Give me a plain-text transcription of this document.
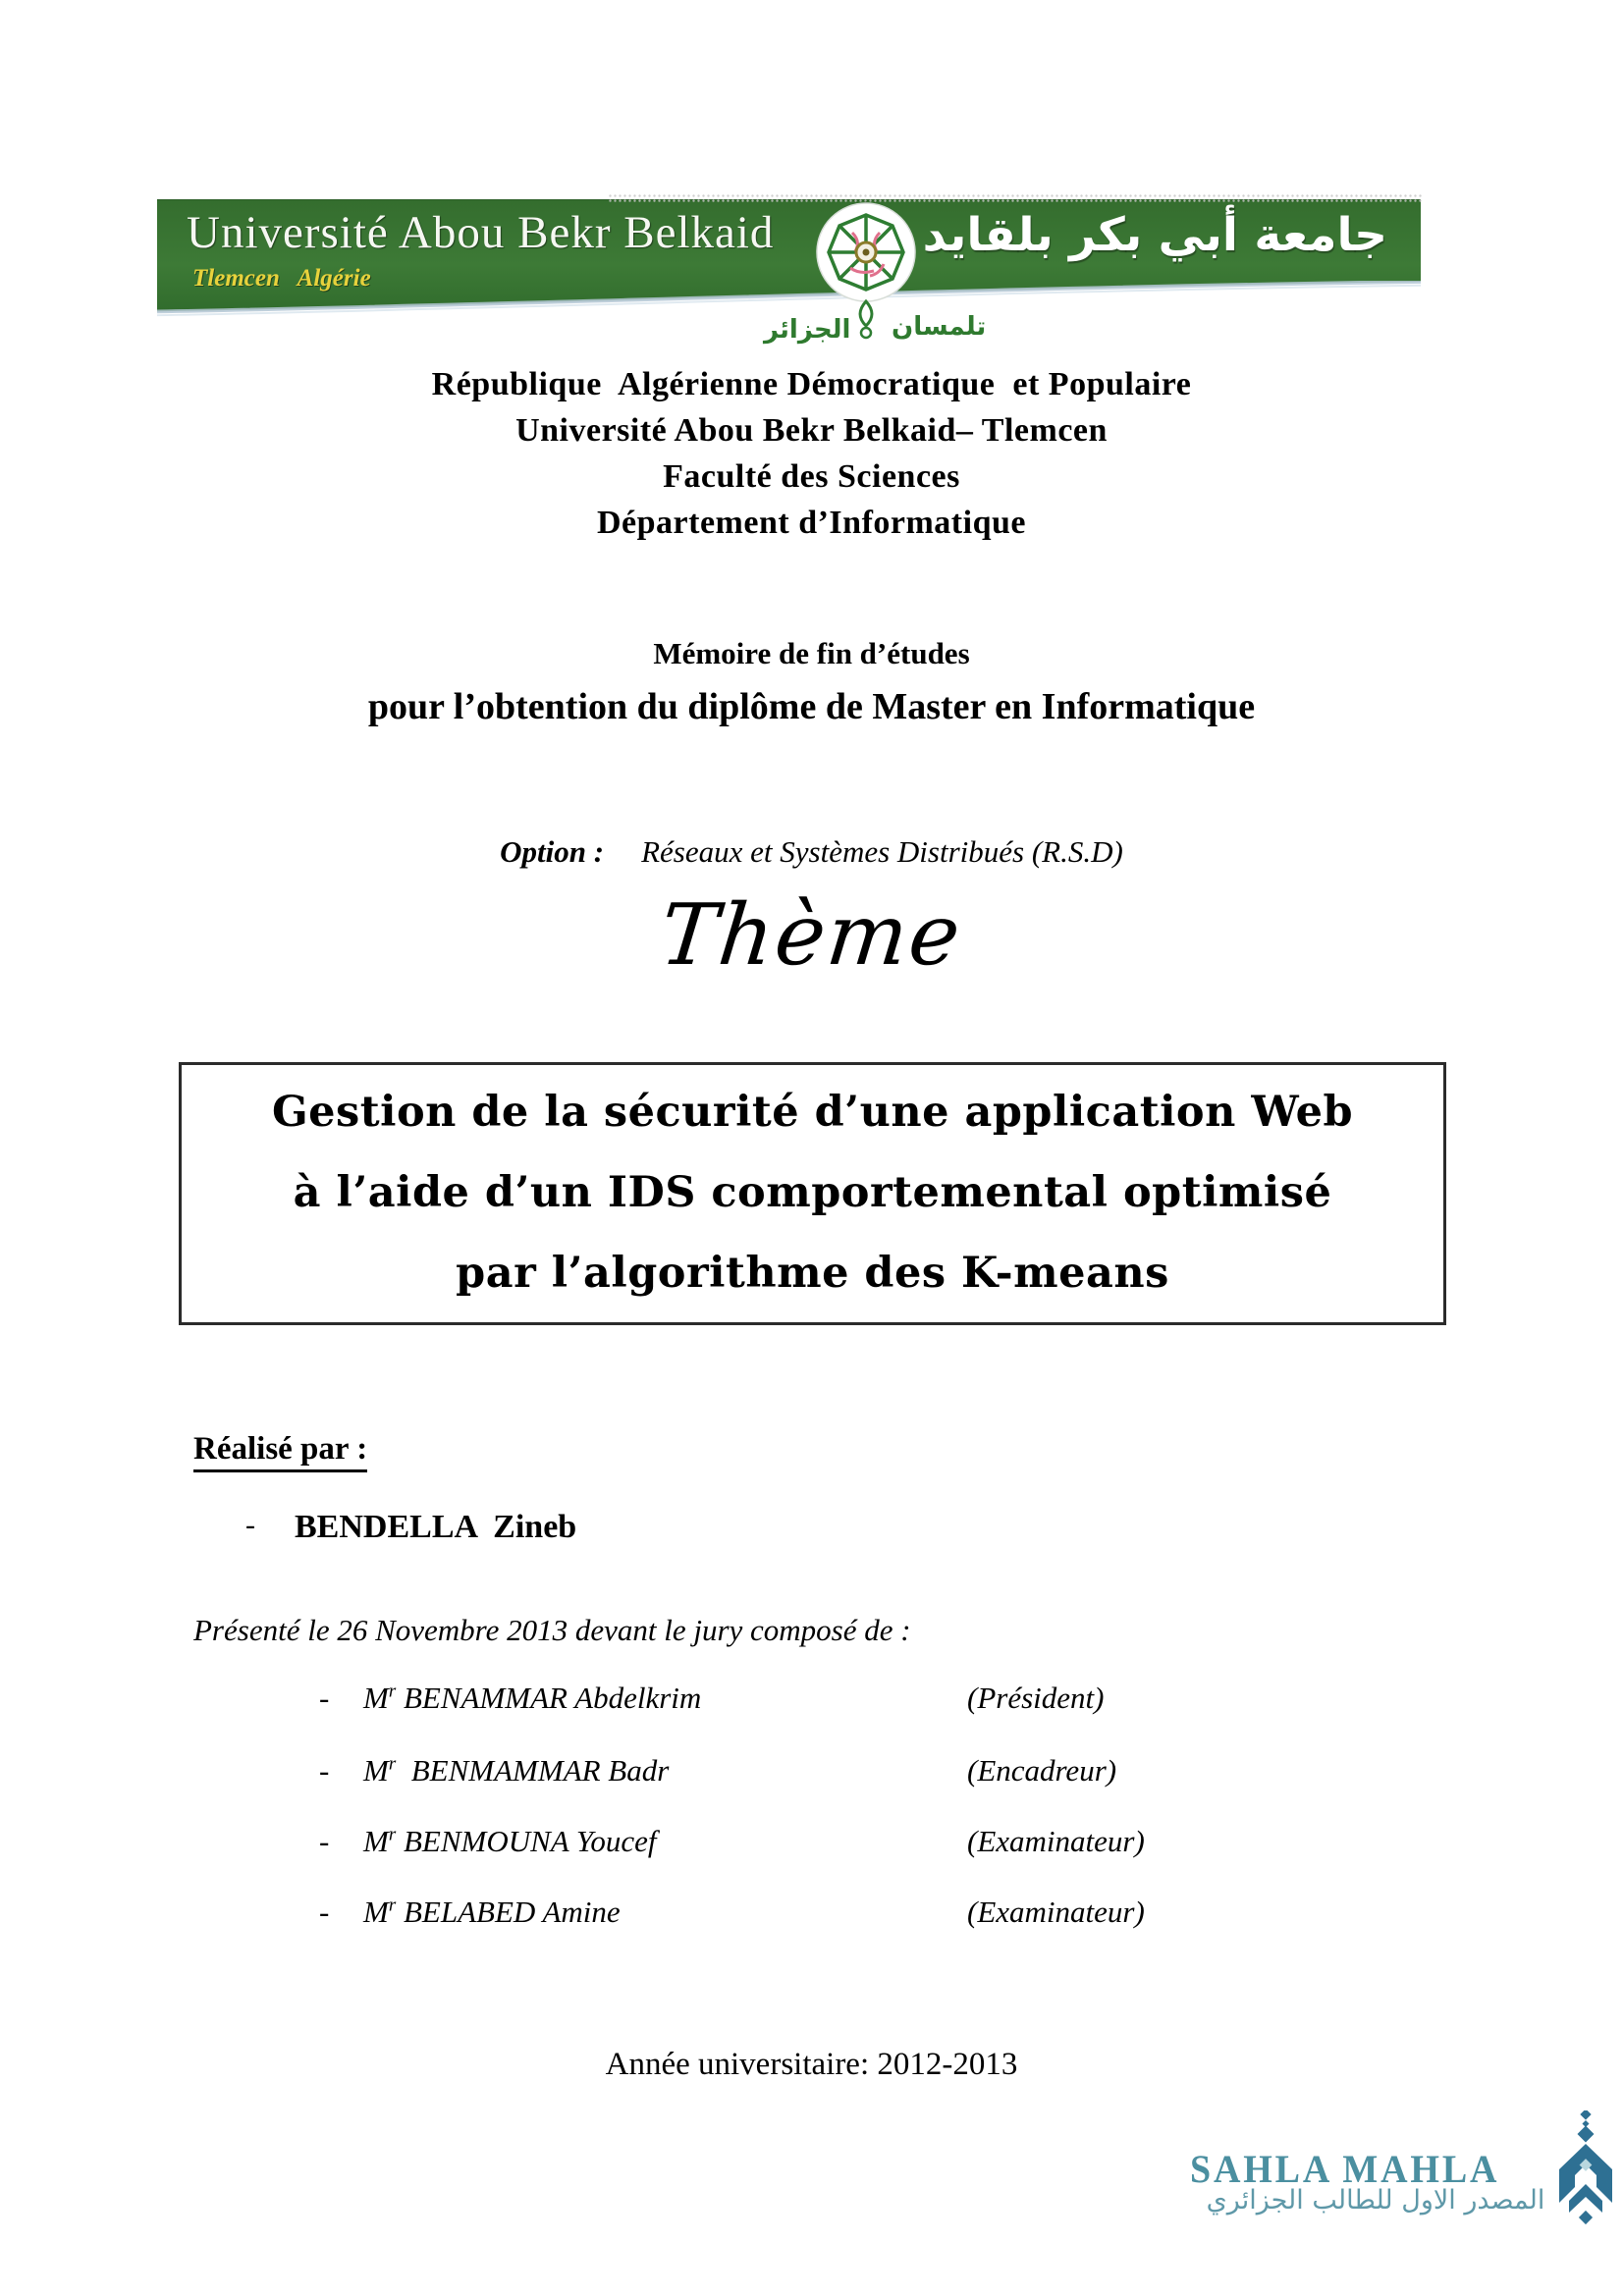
Université Abou Bekr Belkaid
Tlemcen   Algérie
جامعة أبي بكر بلقايد
تلمسان
الجزائر
République  Algérienne Démocratique  et Populaire
Université Abou Bekr Belkaid– Tlemcen
Faculté des Sciences
Département d’Informatique
Mémoire de fin d’études
pour l’obtention du diplôme de Master en Informatique
Option : Réseaux et Systèmes Distribués (R.S.D)
Thème
Gestion de la sécurité d’une application Web
à l’aide d’un IDS comportemental optimisé
par l’algorithme des K-means
Réalisé par :
- BENDELLA  Zineb
Présenté le 26 Novembre 2013 devant le jury composé de :
- $M^r$ BENAMMAR Abdelkrim	(Président)
- $M^r$  BENMAMMAR Badr	(Encadreur)
- $M^r$ BENMOUNA Youcef	(Examinateur)
- $M^r$ BELABED Amine	(Examinateur)
Année universitaire: 2012-2013
SAHLA MAHLA
المصدر الاول للطالب الجزائري
